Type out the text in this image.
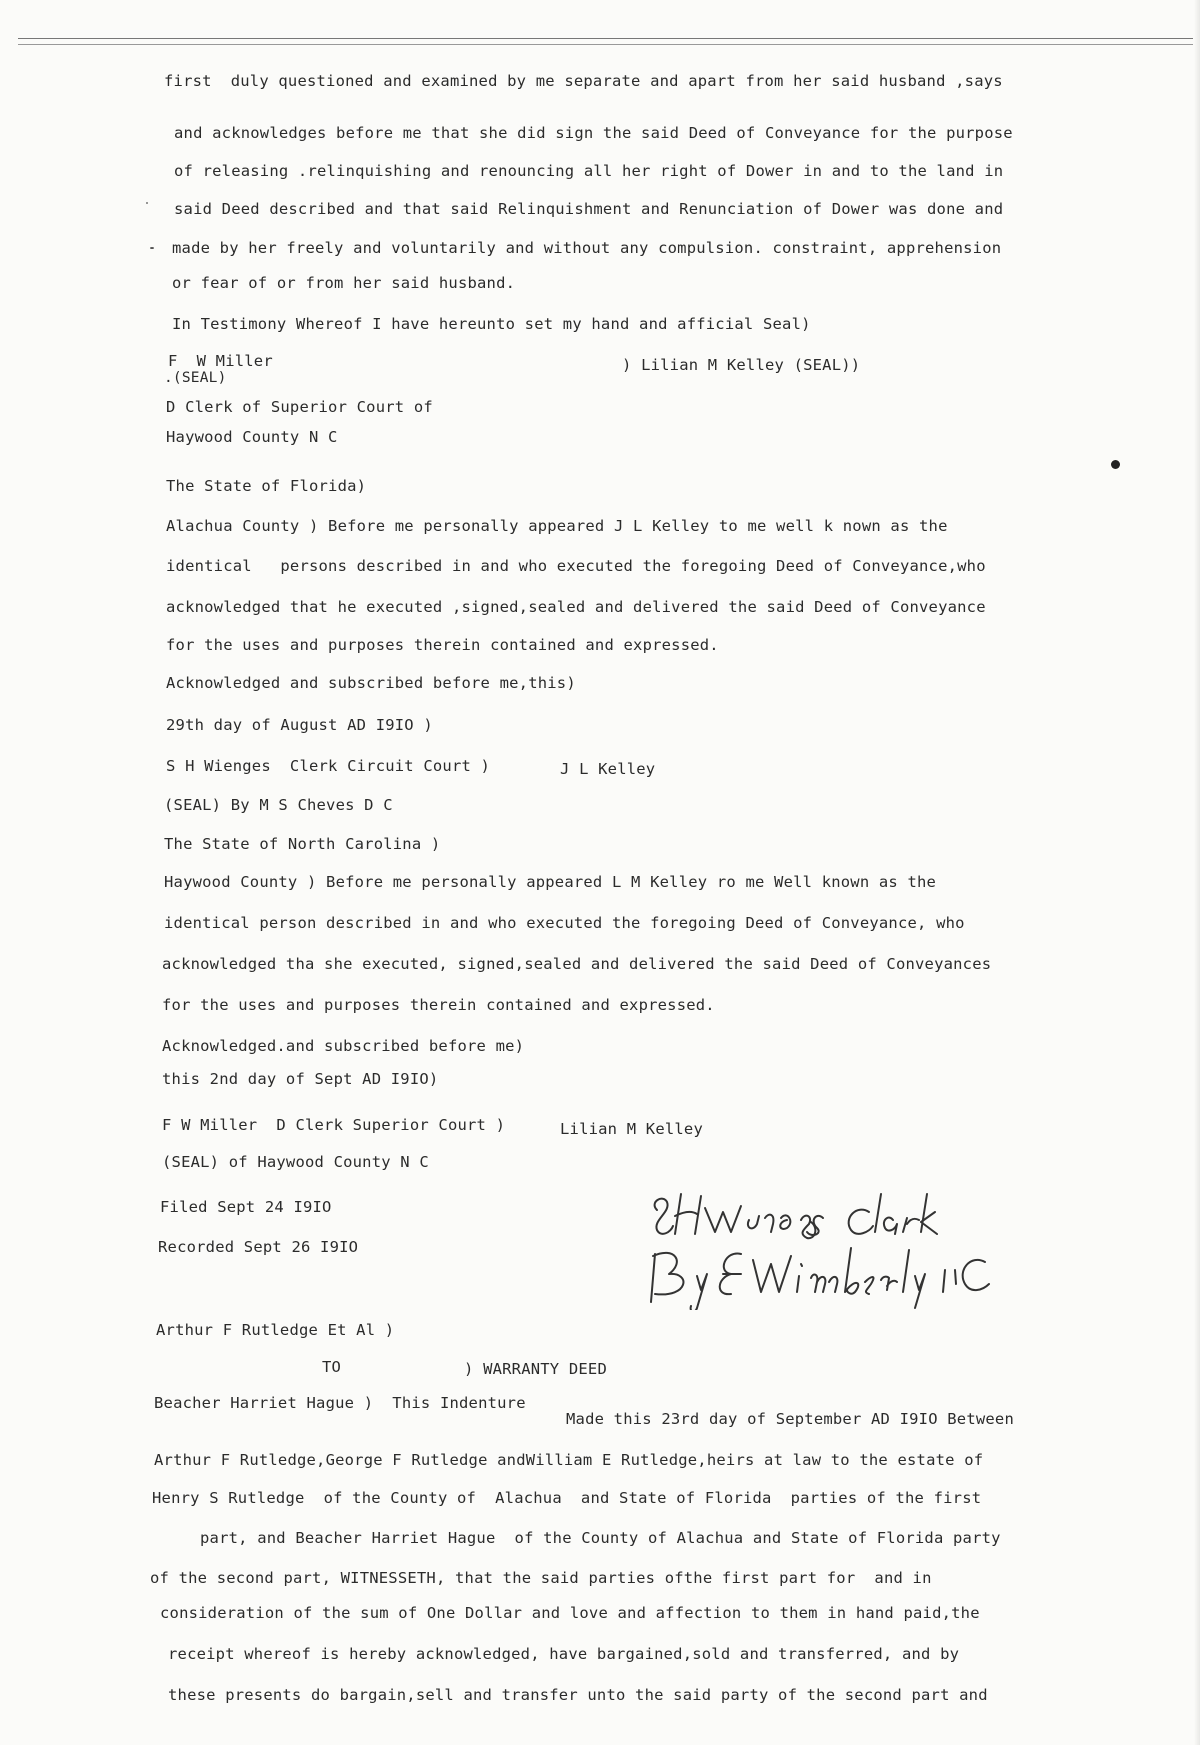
first  duly questioned and examined by me separate and apart from her said husband ,says
and acknowledges before me that she did sign the said Deed of Conveyance for the purpose
of releasing .relinquishing and renouncing all her right of Dower in and to the land in
said Deed described and that said Relinquishment and Renunciation of Dower was done and
made by her freely and voluntarily and without any compulsion. constraint, apprehension
or fear of or from her said husband.
In Testimony Whereof I have hereunto set my hand and afficial Seal)
F  W Miller	) Lilian M Kelley (SEAL))
.(SEAL)
D Clerk of Superior Court of
Haywood County N C
The State of Florida)
Alachua County ) Before me personally appeared J L Kelley to me well k nown as the
identical   persons described in and who executed the foregoing Deed of Conveyance,who
acknowledged that he executed ,signed,sealed and delivered the said Deed of Conveyance
for the uses and purposes therein contained and expressed.
Acknowledged and subscribed before me,this)
29th day of August AD I9IO )
S H Wienges  Clerk Circuit Court )	J L Kelley
(SEAL) By M S Cheves D C
The State of North Carolina )
Haywood County ) Before me personally appeared L M Kelley ro me Well known as the
identical person described in and who executed the foregoing Deed of Conveyance, who
acknowledged tha she executed, signed,sealed and delivered the said Deed of Conveyances
for the uses and purposes therein contained and expressed.
Acknowledged.and subscribed before me)
this 2nd day of Sept AD I9IO)
F W Miller  D Clerk Superior Court )	Lilian M Kelley
(SEAL) of Haywood County N C
Filed Sept 24 I9IO
Recorded Sept 26 I9IO
Arthur F Rutledge Et Al )
TO	) WARRANTY DEED
Beacher Harriet Hague )  This Indenture
Made this 23rd day of September AD I9IO Between
Arthur F Rutledge,George F Rutledge andWilliam E Rutledge,heirs at law to the estate of
Henry S Rutledge  of the County of  Alachua  and State of Florida  parties of the first
part, and Beacher Harriet Hague  of the County of Alachua and State of Florida party
of the second part, WITNESSETH, that the said parties ofthe first part for  and in
consideration of the sum of One Dollar and love and affection to them in hand paid,the
receipt whereof is hereby acknowledged, have bargained,sold and transferred, and by
these presents do bargain,sell and transfer unto the said party of the second part and
